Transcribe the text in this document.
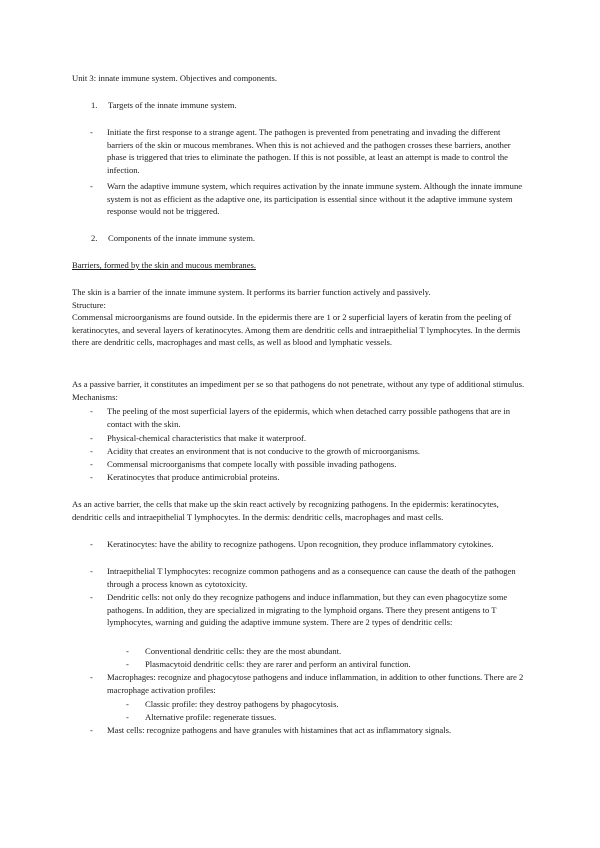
Unit 3: innate immune system. Objectives and components.
1. Targets of the innate immune system.
- Initiate the first response to a strange agent. The pathogen is prevented from penetrating and invading the different barriers of the skin or mucous membranes. When this is not achieved and the pathogen crosses these barriers, another phase is triggered that tries to eliminate the pathogen. If this is not possible, at least an attempt is made to control the infection.
- Warn the adaptive immune system, which requires activation by the innate immune system. Although the innate immune system is not as efficient as the adaptive one, its participation is essential since without it the adaptive immune system response would not be triggered.
2. Components of the innate immune system.
Barriers, formed by the skin and mucous membranes.
The skin is a barrier of the innate immune system. It performs its barrier function actively and passively.
Structure:
Commensal microorganisms are found outside. In the epidermis there are 1 or 2 superficial layers of keratin from the peeling of keratinocytes, and several layers of keratinocytes. Among them are dendritic cells and intraepithelial T lymphocytes. In the dermis there are dendritic cells, macrophages and mast cells, as well as blood and lymphatic vessels.
As a passive barrier, it constitutes an impediment per se so that pathogens do not penetrate, without any type of additional stimulus. Mechanisms:
- The peeling of the most superficial layers of the epidermis, which when detached carry possible pathogens that are in contact with the skin.
- Physical-chemical characteristics that make it waterproof.
- Acidity that creates an environment that is not conducive to the growth of microorganisms.
- Commensal microorganisms that compete locally with possible invading pathogens.
- Keratinocytes that produce antimicrobial proteins.
As an active barrier, the cells that make up the skin react actively by recognizing pathogens. In the epidermis: keratinocytes, dendritic cells and intraepithelial T lymphocytes. In the dermis: dendritic cells, macrophages and mast cells.
- Keratinocytes: have the ability to recognize pathogens. Upon recognition, they produce inflammatory cytokines.
- Intraepithelial T lymphocytes: recognize common pathogens and as a consequence can cause the death of the pathogen through a process known as cytotoxicity.
- Dendritic cells: not only do they recognize pathogens and induce inflammation, but they can even phagocytize some pathogens. In addition, they are specialized in migrating to the lymphoid organs. There they present antigens to T lymphocytes, warning and guiding the adaptive immune system. There are 2 types of dendritic cells:
- Conventional dendritic cells: they are the most abundant.
- Plasmacytoid dendritic cells: they are rarer and perform an antiviral function.
- Macrophages: recognize and phagocytose pathogens and induce inflammation, in addition to other functions. There are 2 macrophage activation profiles:
- Classic profile: they destroy pathogens by phagocytosis.
- Alternative profile: regenerate tissues.
- Mast cells: recognize pathogens and have granules with histamines that act as inflammatory signals.
